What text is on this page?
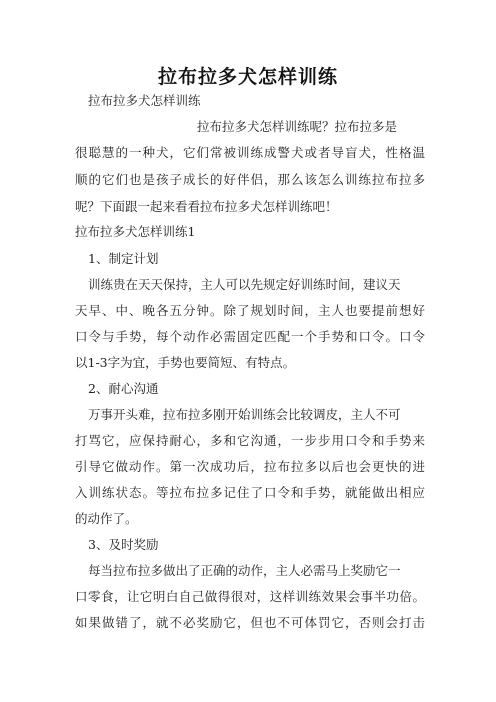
拉布拉多犬怎样训练
拉布拉多犬怎样训练
拉布拉多犬怎样训练呢？拉布拉多是
很聪慧的一种犬，它们常被训练成警犬或者导盲犬，性格温
顺的它们也是孩子成长的好伴侣，那么该怎么训练拉布拉多
呢？下面跟一起来看看拉布拉多犬怎样训练吧！
拉布拉多犬怎样训练1
1、制定计划
训练贵在天天保持，主人可以先规定好训练时间，建议天
天早、中、晚各五分钟。除了规划时间，主人也要提前想好
口令与手势，每个动作必需固定匹配一个手势和口令。口令
以1-3字为宜，手势也要简短、有特点。
2、耐心沟通
万事开头难，拉布拉多刚开始训练会比较调皮，主人不可
打骂它，应保持耐心，多和它沟通，一步步用口令和手势来
引导它做动作。第一次成功后，拉布拉多以后也会更快的进
入训练状态。等拉布拉多记住了口令和手势，就能做出相应
的动作了。
3、及时奖励
每当拉布拉多做出了正确的动作，主人必需马上奖励它一
口零食，让它明白自己做得很对，这样训练效果会事半功倍。
如果做错了，就不必奖励它，但也不可体罚它，否则会打击
